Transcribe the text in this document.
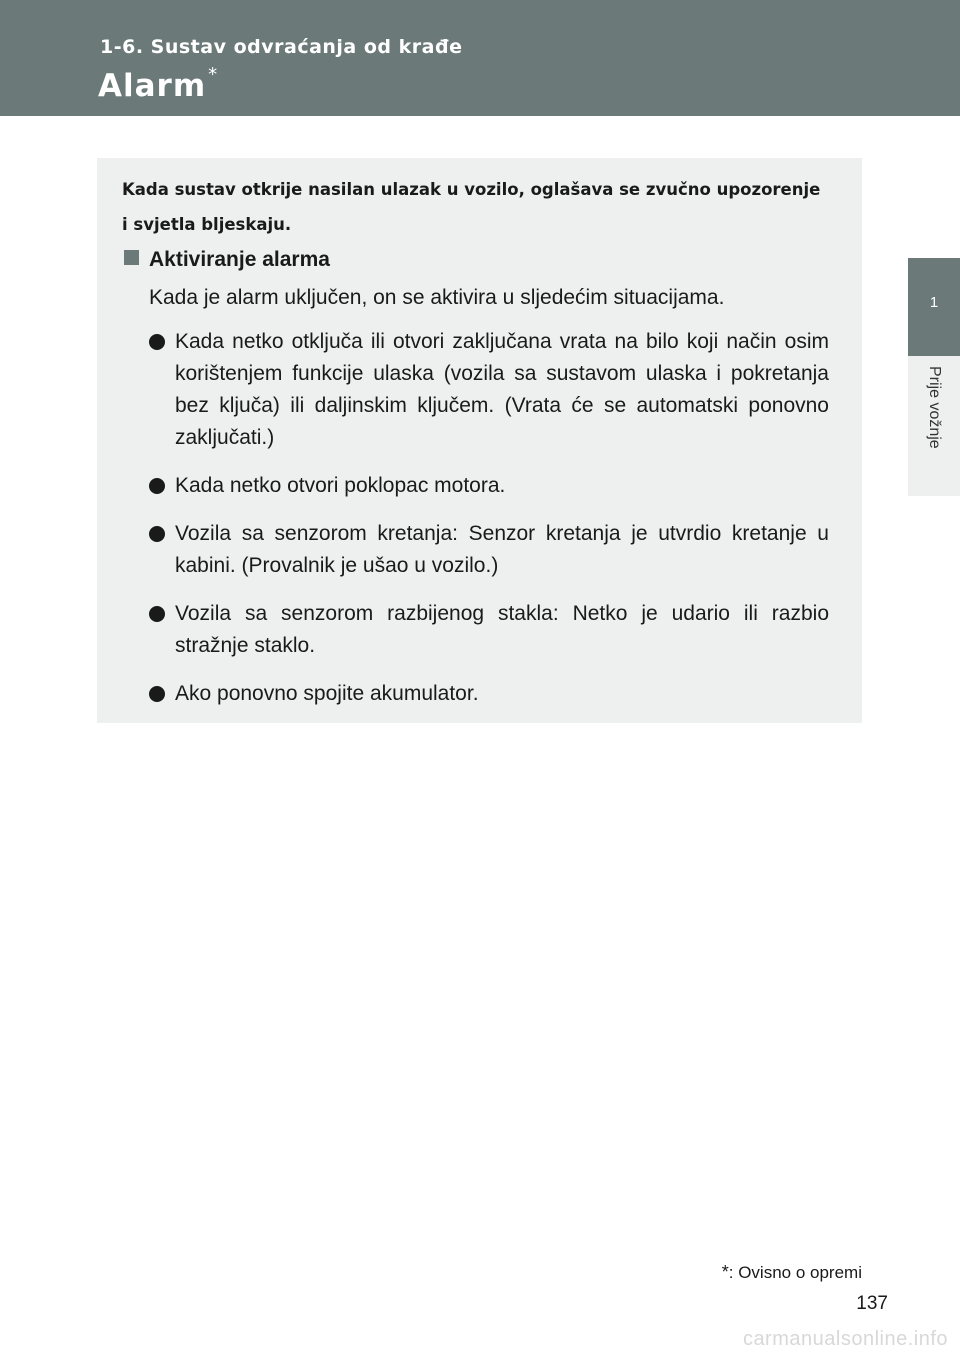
1-6. Sustav odvraćanja od krađe
Alarm *
1
Prije vožnje
Kada sustav otkrije nasilan ulazak u vozilo, oglašava se zvučno upozorenje i svjetla bljeskaju.
Aktiviranje alarma
Kada je alarm uključen, on se aktivira u sljedećim situacijama.
Kada netko otključa ili otvori zaključana vrata na bilo koji način osim korištenjem funkcije ulaska (vozila sa sustavom ulaska i pokretanja bez ključa) ili daljinskim ključem. (Vrata će se automatski ponovno zaključati.)
Kada netko otvori poklopac motora.
Vozila sa senzorom kretanja: Senzor kretanja je utvrdio kretanje u kabini. (Provalnik je ušao u vozilo.)
Vozila sa senzorom razbijenog stakla: Netko je udario ili razbio stražnje staklo.
Ako ponovno spojite akumulator.
*: Ovisno o opremi
137
carmanualsonline.info
